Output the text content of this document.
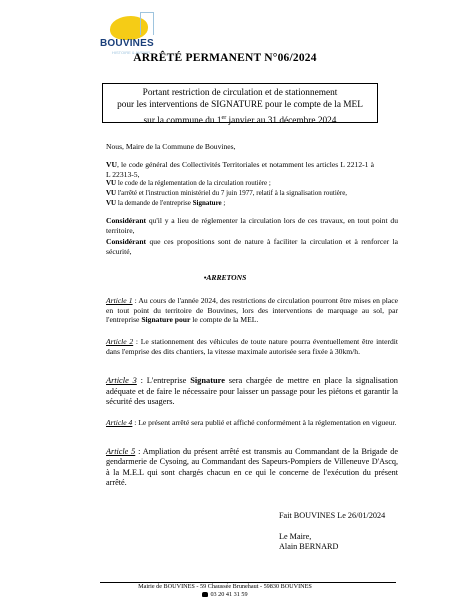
BOUVINES
HISTOIRE & AVENIR
ARRÊTÉ PERMANENT N°06/2024
Portant restriction de circulation et de stationnement
pour les interventions de SIGNATURE pour le compte de la MEL
sur la commune du 1er janvier au 31 décembre 2024
Nous, Maire de la Commune de Bouvines,
VU, le code général des Collectivités Territoriales et notamment les articles L 2212-1 à L 22313-5,
VU le code de la réglementation de la circulation routière ;
VU l'arrêté et l'instruction ministériel du 7 juin 1977, relatif à la signalisation routière,
VU la demande de l'entreprise Signature ;
Considérant qu'il y a lieu de réglementer la circulation lors de ces travaux, en tout point du territoire,
Considérant que ces propositions sont de nature à faciliter la circulation et à renforcer la sécurité,
•ARRETONS
Article 1 : Au cours de l'année 2024, des restrictions de circulation pourront être mises en place en tout point du territoire de Bouvines, lors des interventions de marquage au sol, par l'entreprise Signature pour le compte de la MEL.
Article 2 : Le stationnement des véhicules de toute nature pourra éventuellement être interdit dans l'emprise des dits chantiers, la vitesse maximale autorisée sera fixée à 30km/h.
Article 3 : L'entreprise Signature sera chargée de mettre en place la signalisation adéquate et de faire le nécessaire pour laisser un passage pour les piétons et garantir la sécurité des usagers.
Article 4 : Le présent arrêté sera publié et affiché conformément à la réglementation en vigueur.
Article 5 : Ampliation du présent arrêté est transmis au Commandant de la Brigade de gendarmerie de Cysoing, au Commandant des Sapeurs-Pompiers de Villeneuve D'Ascq, à la M.E.L qui sont chargés chacun en ce qui le concerne de l'exécution du présent arrêté.
Fait BOUVINES Le 26/01/2024
Le Maire,
Alain BERNARD
Mairie de BOUVINES - 59 Chaussée Brunehaut - 59830 BOUVINES
03 20 41 31 59
